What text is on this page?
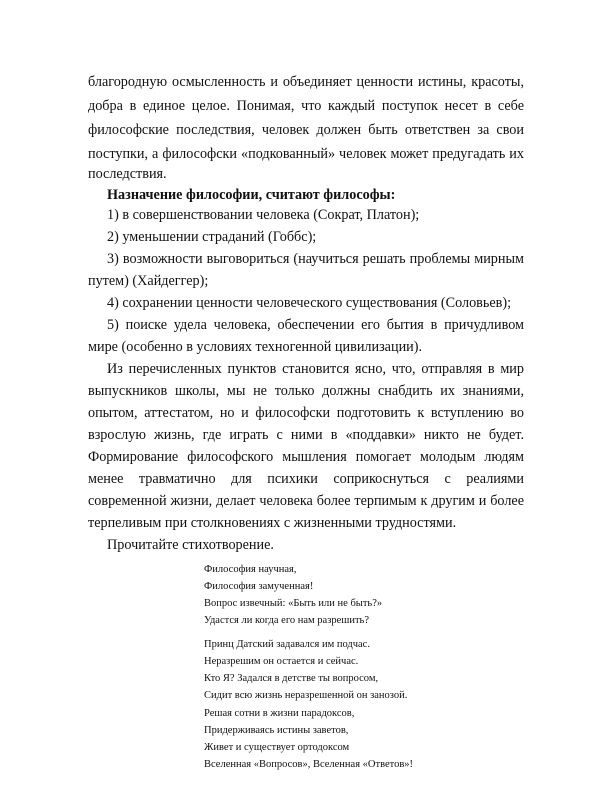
благородную осмысленность и объединяет ценности истины, красоты,
добра в единое целое. Понимая, что каждый поступок несет в себе
философские последствия, человек должен быть ответствен за свои
поступки, а философски «подкованный» человек может предугадать их
последствия.
Назначение философии, считают философы:
1) в совершенствовании человека (Сократ, Платон);
2) уменьшении страданий (Гоббс);
3) возможности выговориться (научиться решать проблемы мирным
путем) (Хайдеггер);
4) сохранении ценности человеческого существования (Соловьев);
5) поиске удела человека, обеспечении его бытия в причудливом
мире (особенно в условиях техногенной цивилизации).
Из перечисленных пунктов становится ясно, что, отправляя в мир
выпускников школы, мы не только должны снабдить их знаниями,
опытом, аттестатом, но и философски подготовить к вступлению во
взрослую жизнь, где играть с ними в «поддавки» никто не будет.
Формирование философского мышления помогает молодым людям
менее травматично для психики соприкоснуться с реалиями
современной жизни, делает человека более терпимым к другим и более
терпеливым при столкновениях с жизненными трудностями.
Прочитайте стихотворение.
Философия научная,
Философия замученная!
Вопрос извечный: «Быть или не быть?»
Удастся ли когда его нам разрешить?
Принц Датский задавался им подчас.
Неразрешим он остается и сейчас.
Кто Я? Задался в детстве ты вопросом,
Сидит всю жизнь неразрешенной он занозой.
Решая сотни в жизни парадоксов,
Придерживаясь истины заветов,
Живет и существует ортодоксом
Вселенная «Вопросов», Вселенная «Ответов»!
